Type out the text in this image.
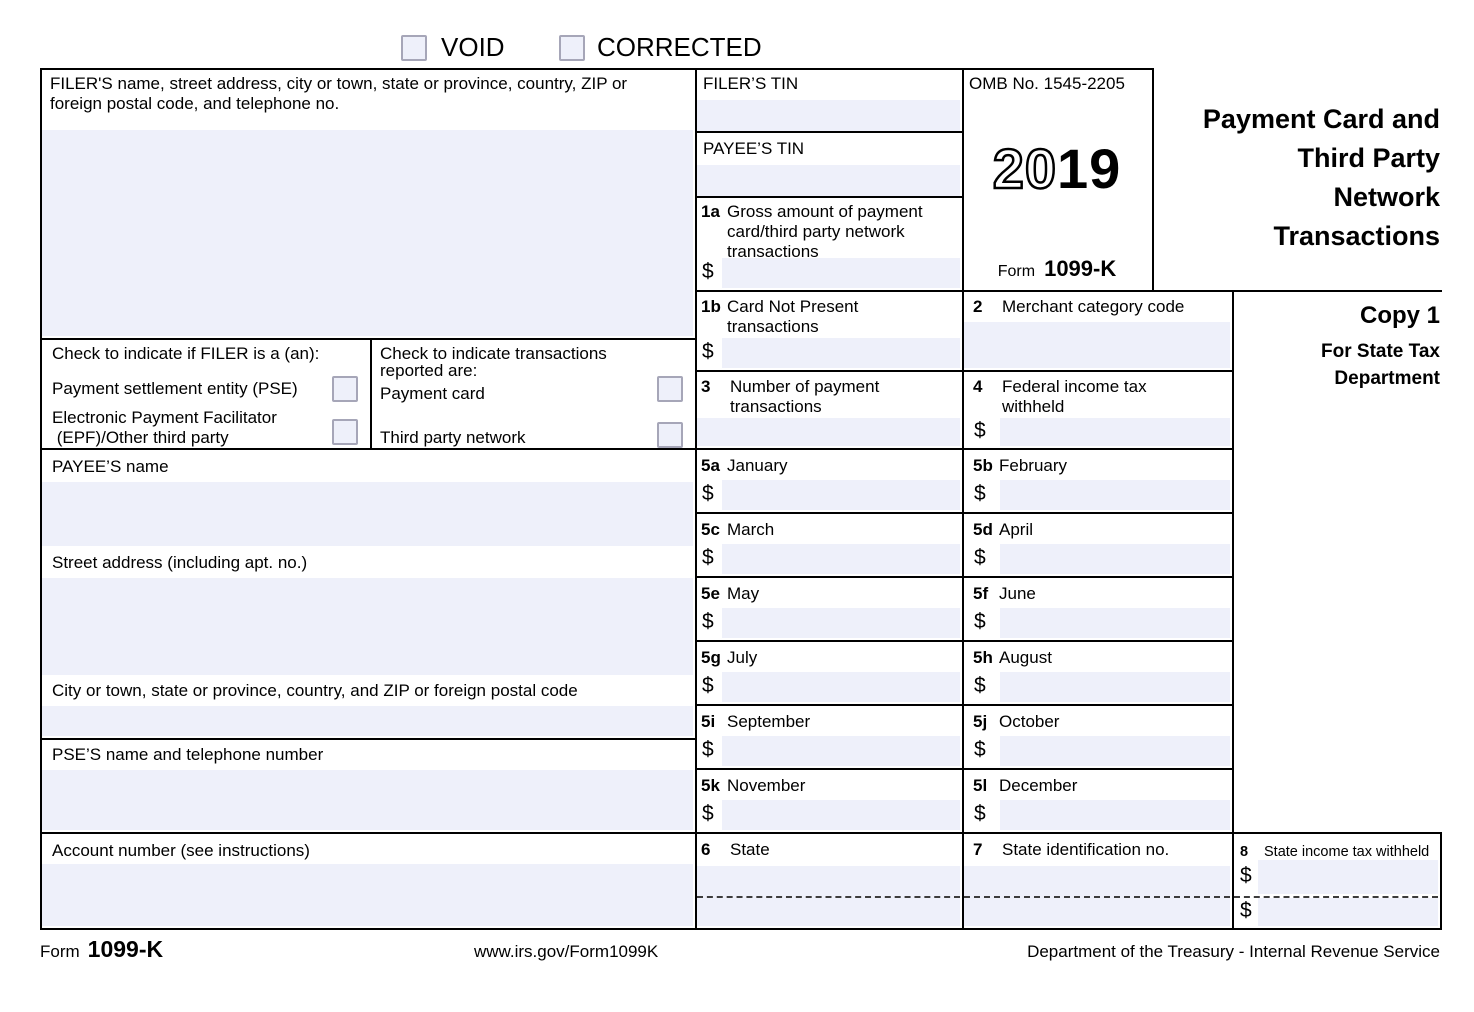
VOID	CORRECTED
FILER'S name, street address, city or town, state or province, country, ZIP or foreign postal code, and telephone no.
FILER’S TIN
PAYEE’S TIN
OMB No. 1545-2205
2019
Form 1099-K
Payment Card and
Third Party
Network
Transactions
Copy 1
For State Tax
Department
1a Gross amount of payment card/third party network transactions
1b Card Not Present transactions
2	Merchant category code
3	Number of payment transactions
4	Federal income tax withheld
Check to indicate if FILER is a (an):
Payment settlement entity (PSE)
Electronic Payment Facilitator
(EPF)/Other third party
Check to indicate transactions
reported are:
Payment card
Third party network
PAYEE’S name
Street address (including apt. no.)
City or town, state or province, country, and ZIP or foreign postal code
PSE’S name and telephone number
Account number (see instructions)
5a January	5b February
5c March	5d April
5e May	5f June
5g July	5h August
5i September	5j October
5k November	5l December
6	State	7	State identification no.	8	State income tax withheld
$
$
$
$	$
$	$
$	$
$	$
$	$
$	$
$
$
Form 1099-K	www.irs.gov/Form1099K	Department of the Treasury - Internal Revenue Service
